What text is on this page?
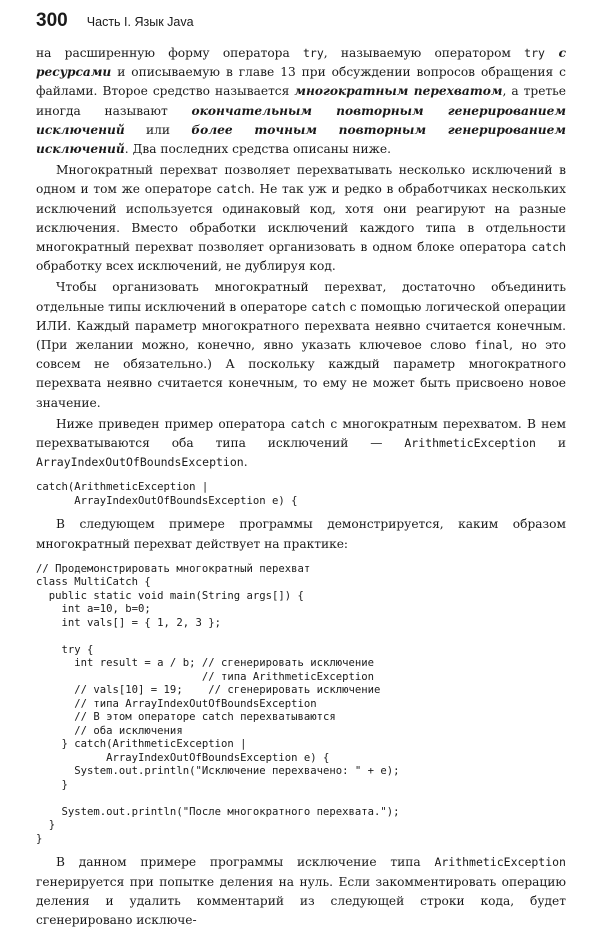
300 Часть I. Язык Java

на расширенную форму оператора try, называемую оператором try с ресурсами и описываемую в главе 13 при обсуждении вопросов обращения с файлами. Второе средство называется многократным перехватом, а третье иногда называют окончательным повторным генерированием исключений или более точным повторным генерированием исключений. Два последних средства описаны ниже.

Многократный перехват позволяет перехватывать несколько исключений в одном и том же операторе catch. Не так уж и редко в обработчиках нескольких исключений используется одинаковый код, хотя они реагируют на разные исключения. Вместо обработки исключений каждого типа в отдельности многократный перехват позволяет организовать в одном блоке оператора catch обработку всех исключений, не дублируя код.

Чтобы организовать многократный перехват, достаточно объединить отдельные типы исключений в операторе catch с помощью логической операции ИЛИ. Каждый параметр многократного перехвата неявно считается конечным. (При желании можно, конечно, явно указать ключевое слово final, но это совсем не обязательно.) А поскольку каждый параметр многократного перехвата неявно считается конечным, то ему не может быть присвоено новое значение.

Ниже приведен пример оператора catch с многократным перехватом. В нем перехватываются оба типа исключений — ArithmeticException и ArrayIndexOutOfBoundsException.

catch(ArithmeticException |
ArrayIndexOutOfBoundsException e) {

В следующем примере программы демонстрируется, каким образом многократный перехват действует на практике:

// Продемонстрировать многократный перехват
class MultiCatch {
public static void main(String args[]) {
int a=10, b=0;
int vals[] = { 1, 2, 3 };
try {
int result = a / b; // сгенерировать исключение
// типа ArithmeticException
// vals[10] = 19;    // сгенерировать исключение
// типа ArrayIndexOutOfBoundsException
// В этом операторе catch перехватываются
// оба исключения
} catch(ArithmeticException |
ArrayIndexOutOfBoundsException e) {
System.out.println("Исключение перехвачено: " + e);
}
System.out.println("После многократного перехвата.");
}
}

В данном примере программы исключение типа ArithmeticException генерируется при попытке деления на нуль. Если закомментировать операцию деления и удалить комментарий из следующей строки кода, будет сгенерировано исключе-
